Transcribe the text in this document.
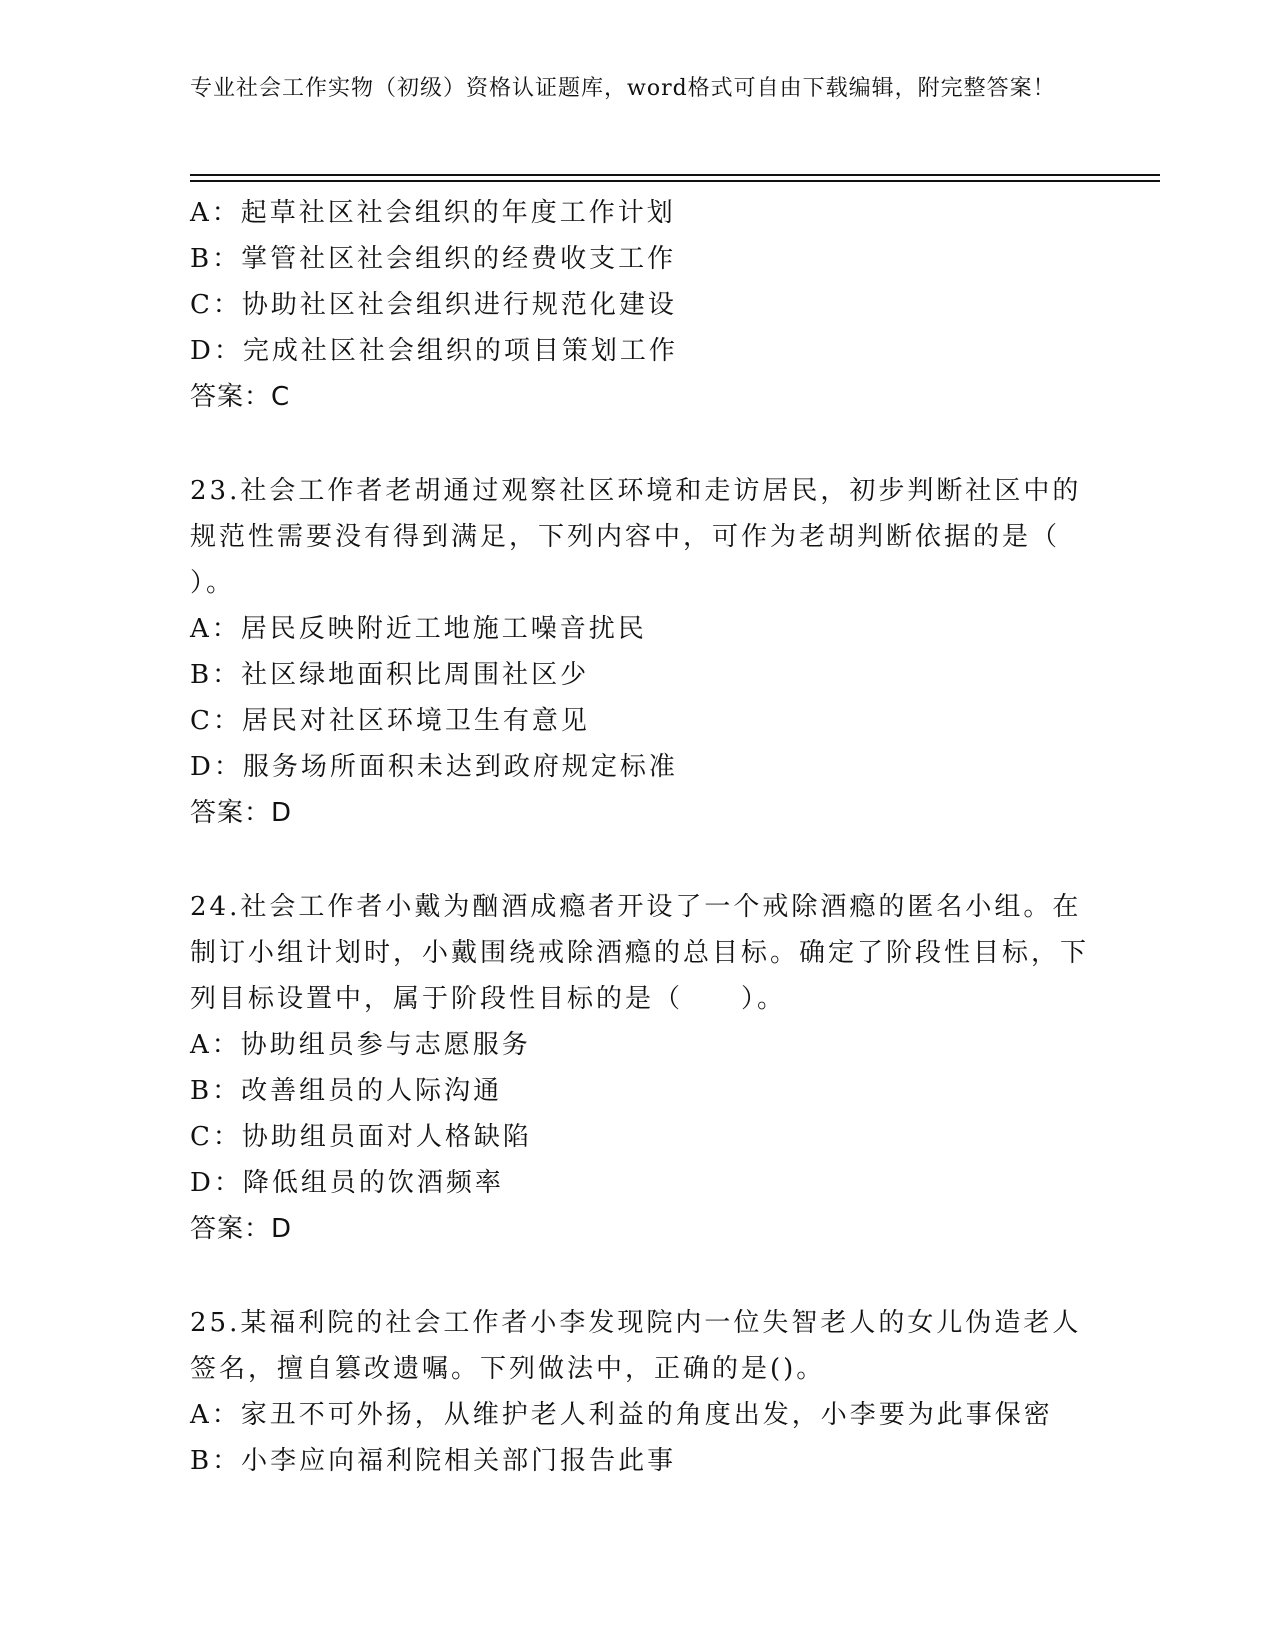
专业社会工作实物（初级）资格认证题库，word格式可自由下载编辑，附完整答案！
A：起草社区社会组织的年度工作计划
B：掌管社区社会组织的经费收支工作
C：协助社区社会组织进行规范化建设
D：完成社区社会组织的项目策划工作
答案：C
23.社会工作者老胡通过观察社区环境和走访居民，初步判断社区中的规范性需要没有得到满足，下列内容中，可作为老胡判断依据的是（ ）。
A：居民反映附近工地施工噪音扰民
B：社区绿地面积比周围社区少
C：居民对社区环境卫生有意见
D：服务场所面积未达到政府规定标准
答案：D
24.社会工作者小戴为酗酒成瘾者开设了一个戒除酒瘾的匿名小组。在制订小组计划时，小戴围绕戒除酒瘾的总目标。确定了阶段性目标，下列目标设置中，属于阶段性目标的是（　　）。
A：协助组员参与志愿服务
B：改善组员的人际沟通
C：协助组员面对人格缺陷
D：降低组员的饮酒频率
答案：D
25.某福利院的社会工作者小李发现院内一位失智老人的女儿伪造老人签名，擅自篡改遗嘱。下列做法中，正确的是()。
A：家丑不可外扬，从维护老人利益的角度出发，小李要为此事保密
B：小李应向福利院相关部门报告此事
